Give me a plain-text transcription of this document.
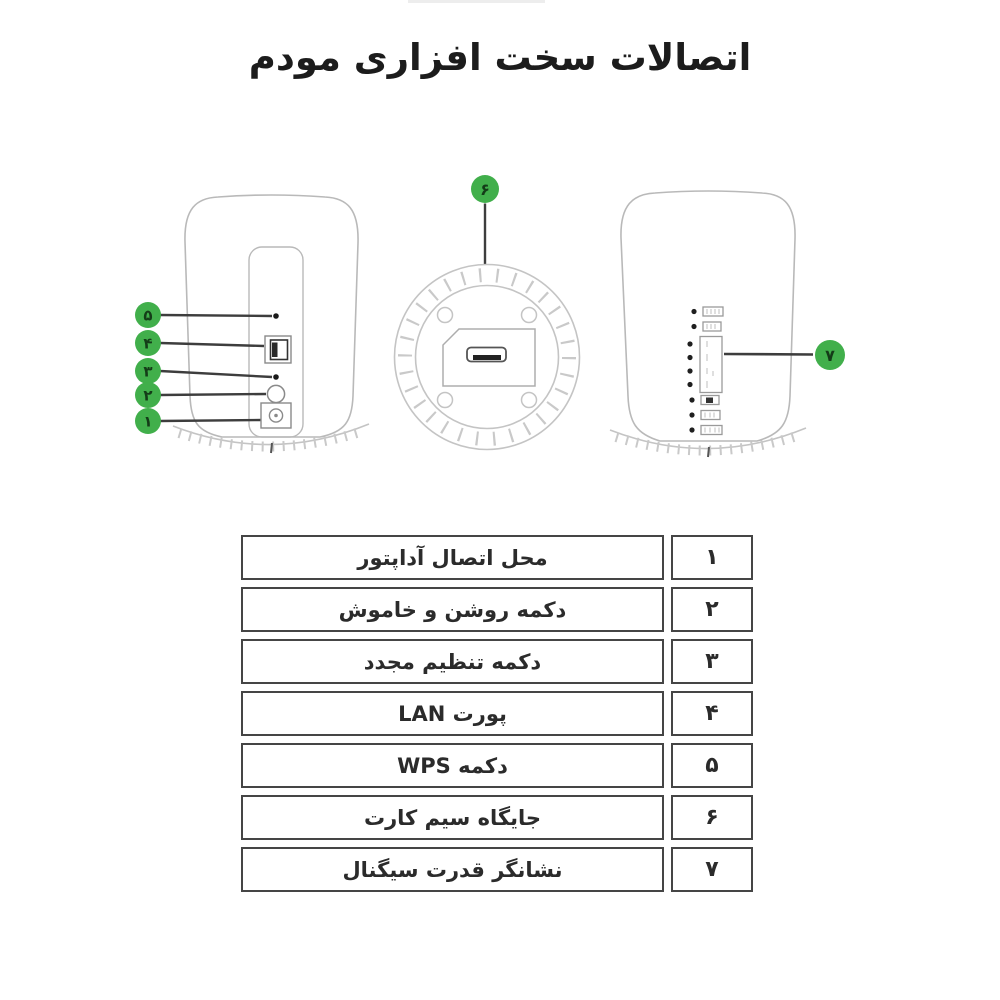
اتصالات سخت افزاری مودم
۵
۴
۳
۲
۱
۶
۷
۱	محل اتصال آداپتور
۲	دکمه روشن و خاموش
۳	دکمه تنظیم مجدد
۴	پورت LAN
۵	دکمه WPS
۶	جایگاه سیم کارت
۷	نشانگر قدرت سیگنال
